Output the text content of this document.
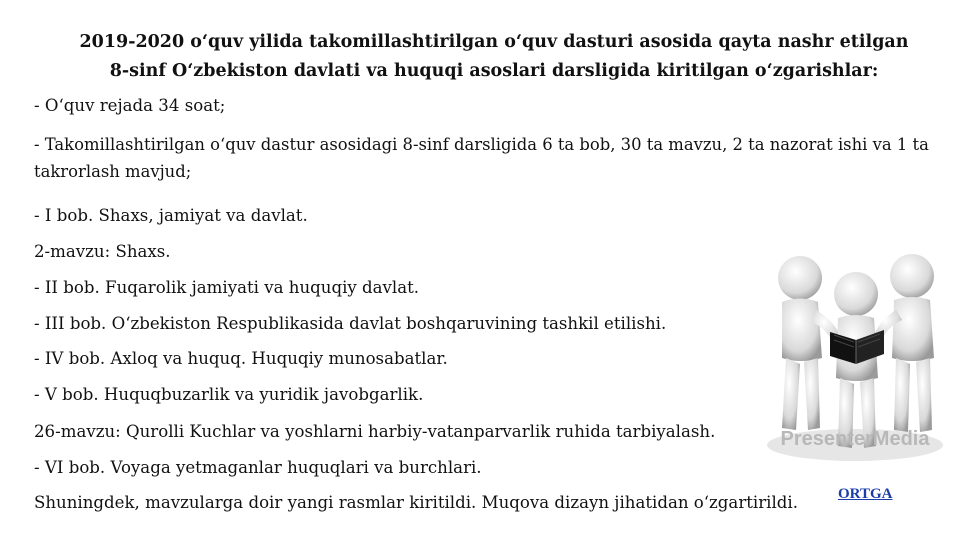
2019-2020 o‘quv yilida takomillashtirilgan o‘quv dasturi asosida qayta nashr etilgan
8-sinf O‘zbekiston davlati va huquqi asoslari darsligida kiritilgan o‘zgarishlar:
- O‘quv rejada 34 soat;
- Takomillashtirilgan o‘quv dastur asosidagi 8-sinf darsligida 6 ta bob, 30 ta mavzu, 2 ta nazorat ishi va 1 ta takrorlash mavjud;
- I bob. Shaxs, jamiyat va davlat.
2-mavzu: Shaxs.
- II bob. Fuqarolik jamiyati va huquqiy davlat.
- III bob. O‘zbekiston Respublikasida davlat boshqaruvining tashkil etilishi.
- IV bob. Axloq va huquq. Huquqiy munosabatlar.
- V bob. Huquqbuzarlik va yuridik javobgarlik.
26-mavzu: Qurolli Kuchlar va yoshlarni harbiy-vatanparvarlik ruhida tarbiyalash.
- VI bob. Voyaga yetmaganlar huquqlari va burchlari.
Shuningdek, mavzularga doir yangi rasmlar kiritildi. Muqova dizayn jihatidan o‘zgartirildi.
PresenterMedia
ORTGA
